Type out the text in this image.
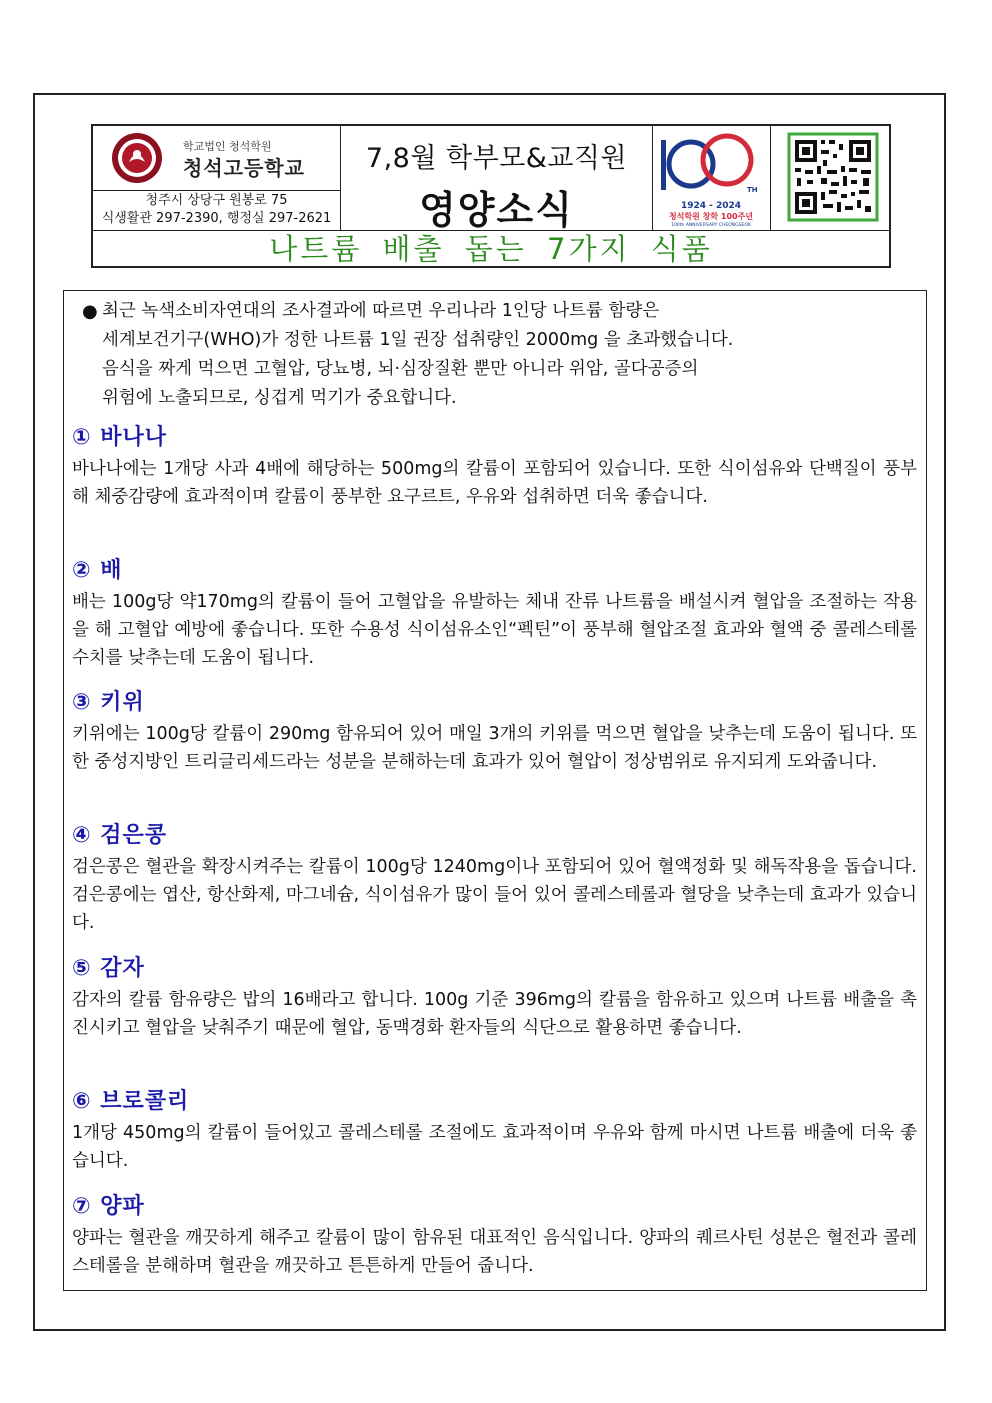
학교법인 청석학원
청석고등학교
청주시 상당구 원봉로 75
식생활관 297-2390, 행정실 297-2621
7,8월 학부모&교직원
영양소식	TH
1924 - 2024
청석학원 창학 100주년
100th ANNIVERSARY CHEONGSEOK
나트륨 배출 돕는 7가지 식품
● 최근 녹색소비자연대의 조사결과에 따르면 우리나라 1인당 나트륨 함량은
세계보건기구(WHO)가 정한 나트륨 1일 권장 섭취량인 2000mg 을 초과했습니다.
음식을 짜게 먹으면 고혈압, 당뇨병, 뇌·심장질환 뿐만 아니라 위암, 골다공증의
위험에 노출되므로, 싱겁게 먹기가 중요합니다.
① 바나나
바나나에는 1개당 사과 4배에 해당하는 500mg의 칼륨이 포함되어 있습니다. 또한 식이섬유와 단백질이 풍부해 체중감량에 효과적이며 칼륨이 풍부한 요구르트, 우유와 섭취하면 더욱 좋습니다.
② 배
배는 100g당 약170mg의 칼륨이 들어 고혈압을 유발하는 체내 잔류 나트륨을 배설시켜 혈압을 조절하는 작용을 해 고혈압 예방에 좋습니다. 또한 수용성 식이섬유소인“펙틴”이 풍부해 혈압조절 효과와 혈액 중 콜레스테롤 수치를 낮추는데 도움이 됩니다.
③ 키위
키위에는 100g당 칼륨이 290mg 함유되어 있어 매일 3개의 키위를 먹으면 혈압을 낮추는데 도움이 됩니다. 또한 중성지방인 트리글리세드라는 성분을 분해하는데 효과가 있어 혈압이 정상범위로 유지되게 도와줍니다.
④ 검은콩
검은콩은 혈관을 확장시켜주는 칼륨이 100g당 1240mg이나 포함되어 있어 혈액정화 및 해독작용을 돕습니다. 검은콩에는 엽산, 항산화제, 마그네슘, 식이섬유가 많이 들어 있어 콜레스테롤과 혈당을 낮추는데 효과가 있습니다.
⑤ 감자
감자의 칼륨 함유량은 밥의 16배라고 합니다. 100g 기준 396mg의 칼륨을 함유하고 있으며 나트륨 배출을 촉진시키고 혈압을 낮춰주기 때문에 혈압, 동맥경화 환자들의 식단으로 활용하면 좋습니다.
⑥ 브로콜리
1개당 450mg의 칼륨이 들어있고 콜레스테롤 조절에도 효과적이며 우유와 함께 마시면 나트륨 배출에 더욱 좋습니다.
⑦ 양파
양파는 혈관을 깨끗하게 해주고 칼륨이 많이 함유된 대표적인 음식입니다. 양파의 퀘르사틴 성분은 혈전과 콜레스테롤을 분해하며 혈관을 깨끗하고 튼튼하게 만들어 줍니다.
